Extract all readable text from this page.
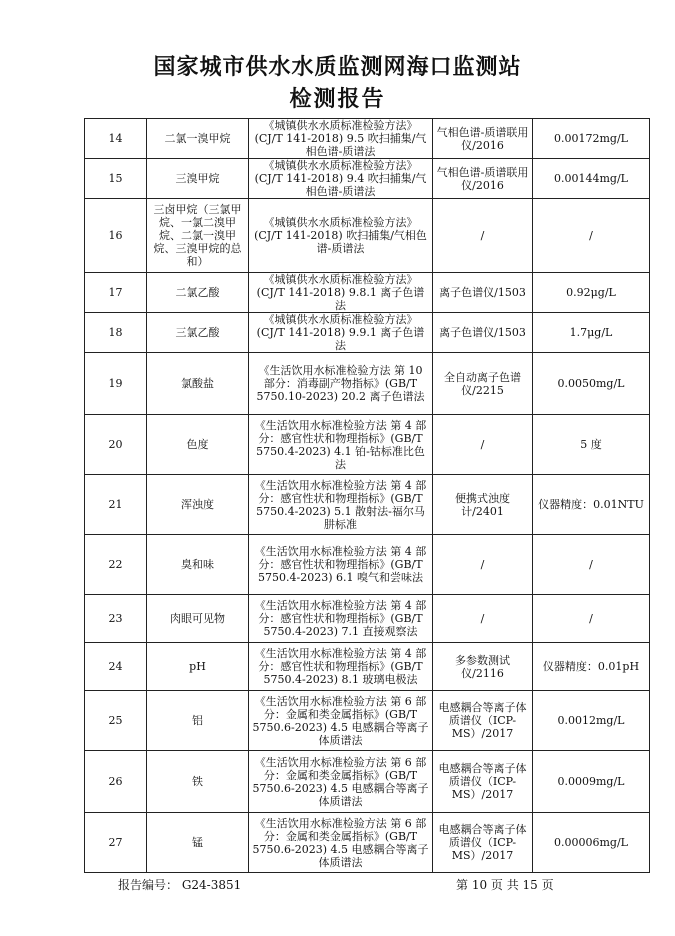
国家城市供水水质监测网海口监测站
检测报告
14	二氯一溴甲烷	《城镇供水水质标准检验方法》(CJ/T 141-2018) 9.5 吹扫捕集/气相色谱-质谱法	气相色谱-质谱联用仪/2016	0.00172mg/L
15	三溴甲烷	《城镇供水水质标准检验方法》(CJ/T 141-2018) 9.4 吹扫捕集/气相色谱-质谱法	气相色谱-质谱联用仪/2016	0.00144mg/L
16	三卤甲烷（三氯甲烷、一氯二溴甲烷、二氯一溴甲烷、三溴甲烷的总和）	《城镇供水水质标准检验方法》(CJ/T 141-2018) 吹扫捕集/气相色谱-质谱法	/	/
17	二氯乙酸	《城镇供水水质标准检验方法》(CJ/T 141-2018) 9.8.1 离子色谱法	离子色谱仪/1503	0.92μg/L
18	三氯乙酸	《城镇供水水质标准检验方法》(CJ/T 141-2018) 9.9.1 离子色谱法	离子色谱仪/1503	1.7μg/L
19	氯酸盐	《生活饮用水标准检验方法 第 10 部分：消毒副产物指标》(GB/T 5750.10-2023) 20.2 离子色谱法	全自动离子色谱仪/2215	0.0050mg/L
20	色度	《生活饮用水标准检验方法 第 4 部分：感官性状和物理指标》(GB/T 5750.4-2023) 4.1 铂-钴标准比色法	/	5 度
21	浑浊度	《生活饮用水标准检验方法 第 4 部分：感官性状和物理指标》(GB/T 5750.4-2023) 5.1 散射法-福尔马肼标准	便携式浊度计/2401	仪器精度：0.01NTU
22	臭和味	《生活饮用水标准检验方法 第 4 部分：感官性状和物理指标》(GB/T 5750.4-2023) 6.1 嗅气和尝味法	/	/
23	肉眼可见物	《生活饮用水标准检验方法 第 4 部分：感官性状和物理指标》(GB/T 5750.4-2023) 7.1 直接观察法	/	/
24	pH	《生活饮用水标准检验方法 第 4 部分：感官性状和物理指标》(GB/T 5750.4-2023) 8.1 玻璃电极法	多参数测试仪/2116	仪器精度：0.01pH
25	铝	《生活饮用水标准检验方法 第 6 部分：金属和类金属指标》(GB/T 5750.6-2023) 4.5 电感耦合等离子体质谱法	电感耦合等离子体质谱仪（ICP-MS）/2017	0.0012mg/L
26	铁	《生活饮用水标准检验方法 第 6 部分：金属和类金属指标》(GB/T 5750.6-2023) 4.5 电感耦合等离子体质谱法	电感耦合等离子体质谱仪（ICP-MS）/2017	0.0009mg/L
27	锰	《生活饮用水标准检验方法 第 6 部分：金属和类金属指标》(GB/T 5750.6-2023) 4.5 电感耦合等离子体质谱法	电感耦合等离子体质谱仪（ICP-MS）/2017	0.00006mg/L
报告编号： G24-3851	第 10 页 共 15 页
